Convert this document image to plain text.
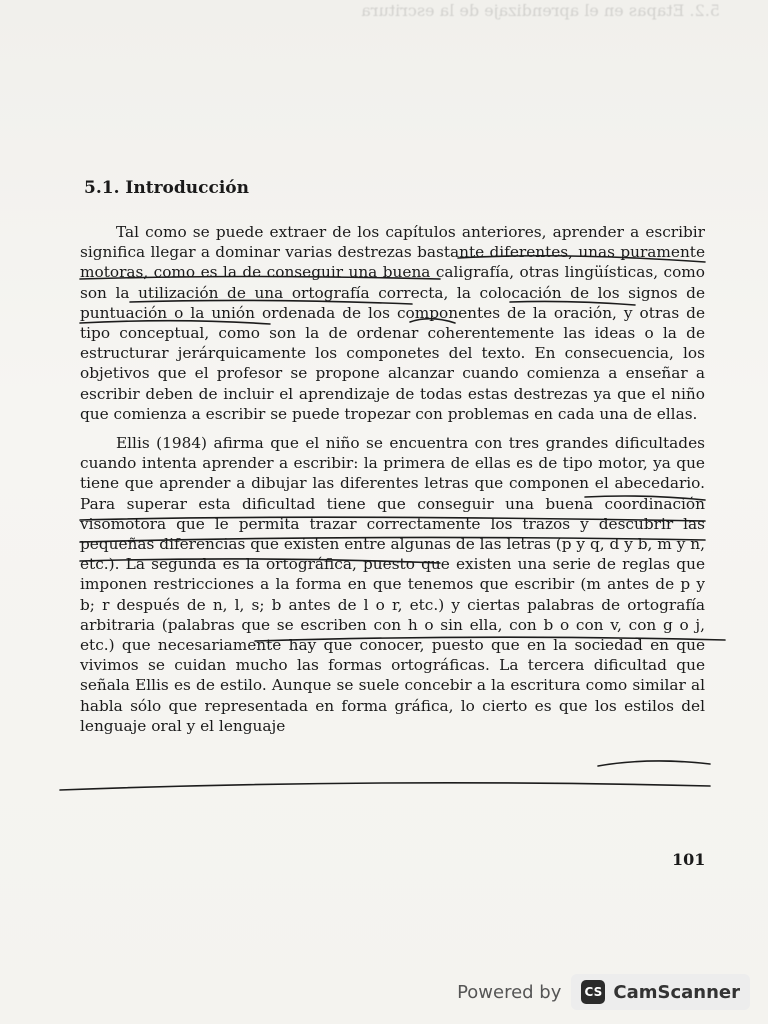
5.2. Etapas en el aprendizaje de la escritura

5.1. Introducción

Tal como se puede extraer de los capítulos anteriores, aprender a escribir significa llegar a dominar varias destrezas bastante diferentes, unas puramente motoras, como es la de conseguir una buena caligrafía, otras lingüísticas, como son la utilización de una ortografía correcta, la colocación de los signos de puntuación o la unión ordenada de los componentes de la oración, y otras de tipo conceptual, como son la de ordenar coherentemente las ideas o la de estructurar jerárquicamente los componetes del texto. En consecuencia, los objetivos que el profesor se propone alcanzar cuando comienza a enseñar a escribir deben de incluir el aprendizaje de todas estas destrezas ya que el niño que comienza a escribir se puede tropezar con problemas en cada una de ellas.

Ellis (1984) afirma que el niño se encuentra con tres grandes dificultades cuando intenta aprender a escribir: la primera de ellas es de tipo motor, ya que tiene que aprender a dibujar las diferentes letras que componen el abecedario. Para superar esta dificultad tiene que conseguir una buena coordinación visomotora que le permita trazar correctamente los trazos y descubrir las pequeñas diferencias que existen entre algunas de las letras (p y q, d y b, m y n, etc.). La segunda es la ortográfica, puesto que existen una serie de reglas que imponen restricciones a la forma en que tenemos que escribir (m antes de p y b; r después de n, l, s; b antes de l o r, etc.) y ciertas palabras de ortografía arbitraria (palabras que se escriben con h o sin ella, con b o con v, con g o j, etc.) que necesariamente hay que conocer, puesto que en la sociedad en que vivimos se cuidan mucho las formas ortográficas. La tercera dificultad que señala Ellis es de estilo. Aunque se suele concebir a la escritura como similar al habla sólo que representada en forma gráfica, lo cierto es que los estilos del lenguaje oral y el lenguaje

101

Powered by CS CamScanner
